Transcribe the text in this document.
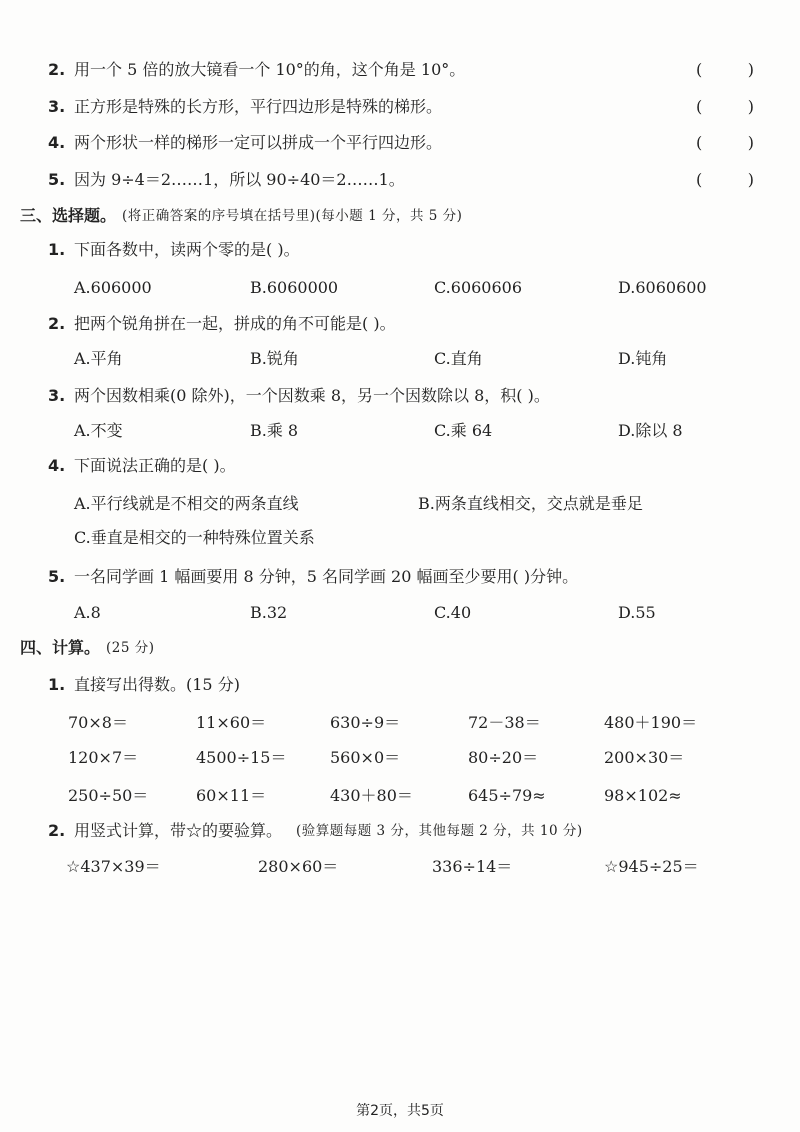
2. 用一个 5 倍的放大镜看一个 10°的角，这个角是 10°。	(	)
3. 正方形是特殊的长方形，平行四边形是特殊的梯形。	(	)
4. 两个形状一样的梯形一定可以拼成一个平行四边形。	(	)
5. 因为 9÷4＝2……1，所以 90÷40＝2……1。	(	)
三、选择题。 (将正确答案的序号填在括号里)(每小题 1 分，共 5 分)
1. 下面各数中，读两个零的是( )。
A.606000	B.6060000	C.6060606	D.6060600
2. 把两个锐角拼在一起，拼成的角不可能是( )。
A.平角	B.锐角	C.直角	D.钝角
3. 两个因数相乘(0 除外)，一个因数乘 8，另一个因数除以 8，积( )。
A.不变	B.乘 8	C.乘 64	D.除以 8
4. 下面说法正确的是( )。
A.平行线就是不相交的两条直线	B.两条直线相交，交点就是垂足
C.垂直是相交的一种特殊位置关系
5. 一名同学画 1 幅画要用 8 分钟，5 名同学画 20 幅画至少要用( )分钟。
A.8	B.32	C.40	D.55
四、计算。 (25 分)
1. 直接写出得数。 (15 分)
70×8＝	11×60＝	630÷9＝	72－38＝	480＋190＝
120×7＝	4500÷15＝	560×0＝	80÷20＝	200×30＝
250÷50＝	60×11＝	430＋80＝	645÷79≈	98×102≈
2. 用竖式计算，带☆的要验算。 (验算题每题 3 分，其他每题 2 分，共 10 分)
☆437×39＝	280×60＝	336÷14＝	☆945÷25＝
第2页，共5页
